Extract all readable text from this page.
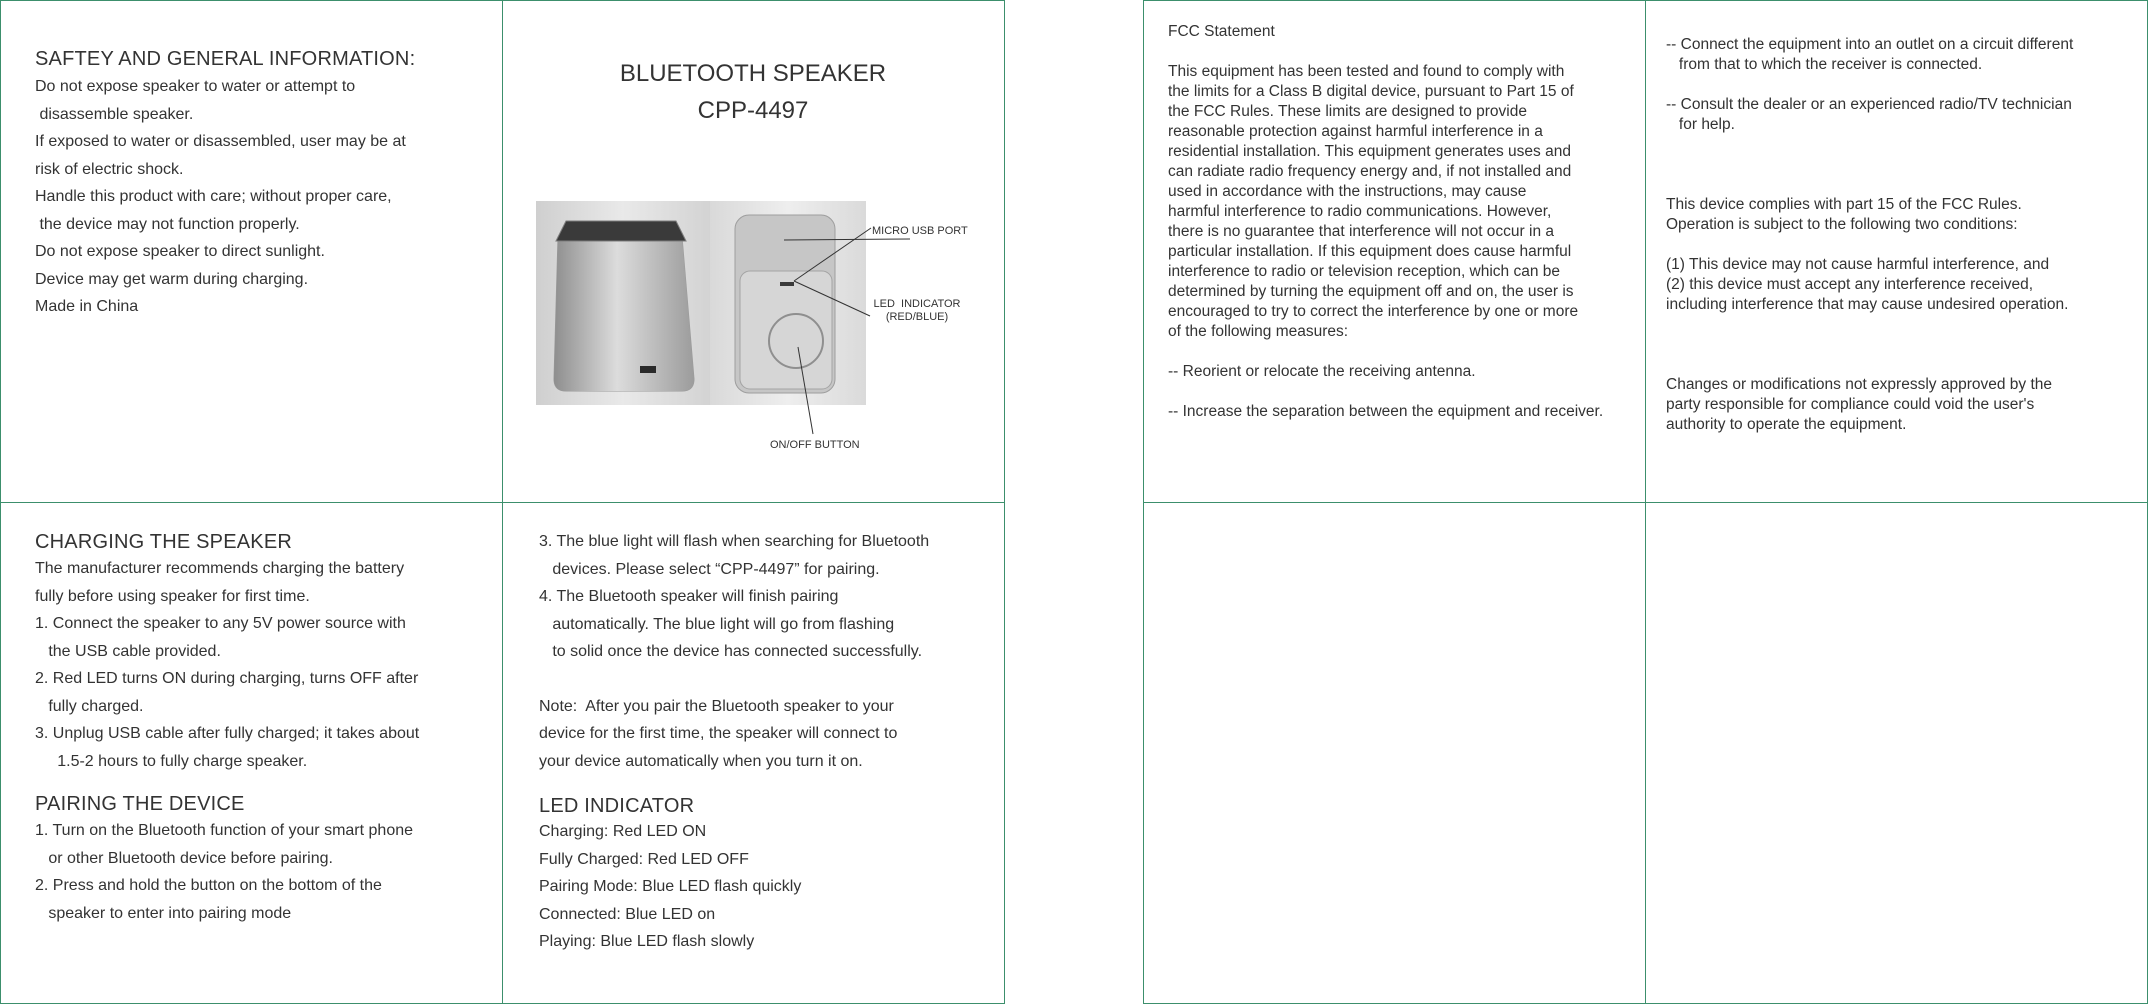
SAFTEY AND GENERAL INFORMATION:
Do not expose speaker to water or attempt to
disassemble speaker.
If exposed to water or disassembled, user may be at
risk of electric shock.
Handle this product with care; without proper care,
the device may not function properly.
Do not expose speaker to direct sunlight.
Device may get warm during charging.
Made in China
BLUETOOTH SPEAKER
CPP-4497
MICRO USB PORT
LED  INDICATOR
(RED/BLUE)
ON/OFF BUTTON
CHARGING THE SPEAKER
The manufacturer recommends charging the battery
fully before using speaker for first time.
1. Connect the speaker to any 5V power source with
the USB cable provided.
2. Red LED turns ON during charging, turns OFF after
fully charged.
3. Unplug USB cable after fully charged; it takes about
1.5-2 hours to fully charge speaker.
PAIRING THE DEVICE
1. Turn on the Bluetooth function of your smart phone
or other Bluetooth device before pairing.
2. Press and hold the button on the bottom of the
speaker to enter into pairing mode
3. The blue light will flash when searching for Bluetooth
devices. Please select “CPP-4497” for pairing.
4. The Bluetooth speaker will finish pairing
automatically. The blue light will go from flashing
to solid once the device has connected successfully.
Note:  After you pair the Bluetooth speaker to your
device for the first time, the speaker will connect to
your device automatically when you turn it on.
LED INDICATOR
Charging: Red LED ON
Fully Charged: Red LED OFF
Pairing Mode: Blue LED flash quickly
Connected: Blue LED on
Playing: Blue LED flash slowly
FCC Statement

This equipment has been tested and found to comply with
the limits for a Class B digital device, pursuant to Part 15 of
the FCC Rules. These limits are designed to provide
reasonable protection against harmful interference in a
residential installation. This equipment generates uses and
can radiate radio frequency energy and, if not installed and
used in accordance with the instructions, may cause
harmful interference to radio communications. However,
there is no guarantee that interference will not occur in a
particular installation. If this equipment does cause harmful
interference to radio or television reception, which can be
determined by turning the equipment off and on, the user is
encouraged to try to correct the interference by one or more
of the following measures:

-- Reorient or relocate the receiving antenna.

-- Increase the separation between the equipment and receiver.
-- Connect the equipment into an outlet on a circuit different
from that to which the receiver is connected.

-- Consult the dealer or an experienced radio/TV technician
for help.
This device complies with part 15 of the FCC Rules.
Operation is subject to the following two conditions:

(1) This device may not cause harmful interference, and
(2) this device must accept any interference received,
including interference that may cause undesired operation.
Changes or modifications not expressly approved by the
party responsible for compliance could void the user's
authority to operate the equipment.
